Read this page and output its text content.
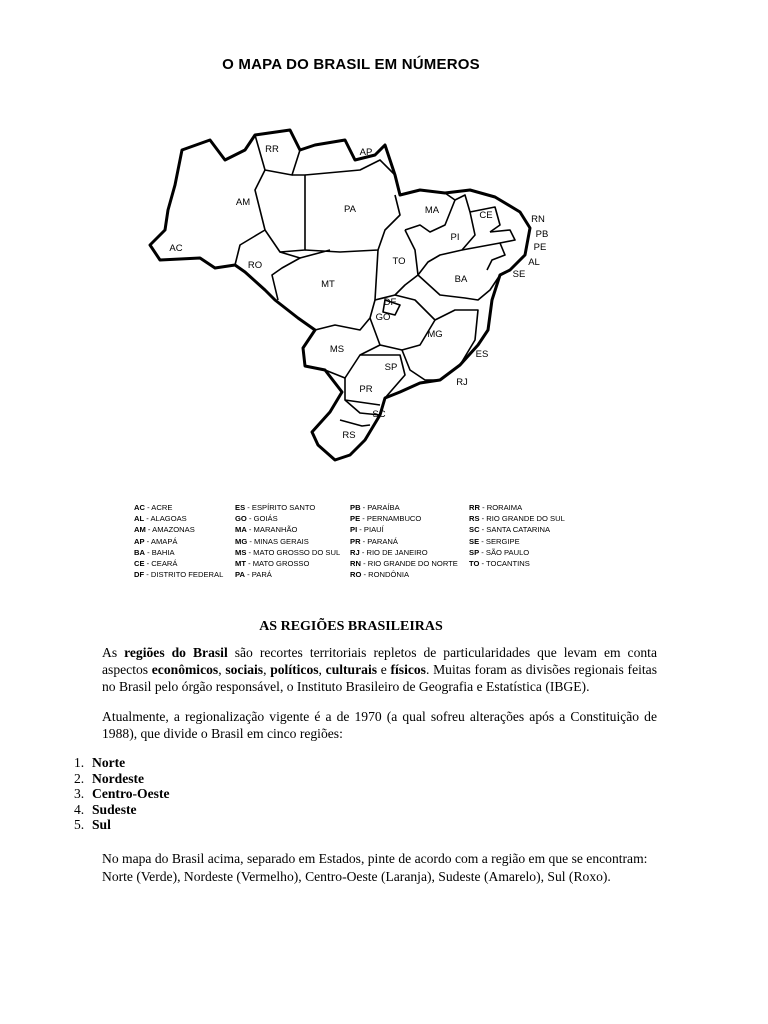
O MAPA DO BRASIL EM NÚMEROS
RR	AP
AM
PA	MA	CE	RN
PB
PE
AL
SE
PI
AC
RO	TO
BA
MT
DF
GO
MG
ES
MS
SP
RJ
PR
SC
RS
AC - ACRE
AL - ALAGOAS
AM - AMAZONAS
AP - AMAPÁ
BA - BAHIA
CE - CEARÁ
DF - DISTRITO FEDERAL
ES - ESPÍRITO SANTO
GO - GOIÁS
MA - MARANHÃO
MG - MINAS GERAIS
MS - MATO GROSSO DO SUL
MT - MATO GROSSO
PA - PARÁ
PB - PARAÍBA
PE - PERNAMBUCO
PI - PIAUÍ
PR - PARANÁ
RJ - RIO DE JANEIRO
RN - RIO GRANDE DO NORTE
RO - RONDÔNIA
RR - RORAIMA
RS - RIO GRANDE DO SUL
SC - SANTA CATARINA
SE - SERGIPE
SP - SÃO PAULO
TO - TOCANTINS
AS REGIÕES BRASILEIRAS
As regiões do Brasil são recortes territoriais repletos de particularidades que levam em conta aspectos econômicos, sociais, políticos, culturais e físicos. Muitas foram as divisões regionais feitas no Brasil pelo órgão responsável, o Instituto Brasileiro de Geografia e Estatística (IBGE).
Atualmente, a regionalização vigente é a de 1970 (a qual sofreu alterações após a Constituição de 1988), que divide o Brasil em cinco regiões:
1. Norte
2. Nordeste
3. Centro-Oeste
4. Sudeste
5. Sul
No mapa do Brasil acima, separado em Estados, pinte de acordo com a região em que se encontram: Norte (Verde), Nordeste (Vermelho), Centro-Oeste (Laranja), Sudeste (Amarelo), Sul (Roxo).
